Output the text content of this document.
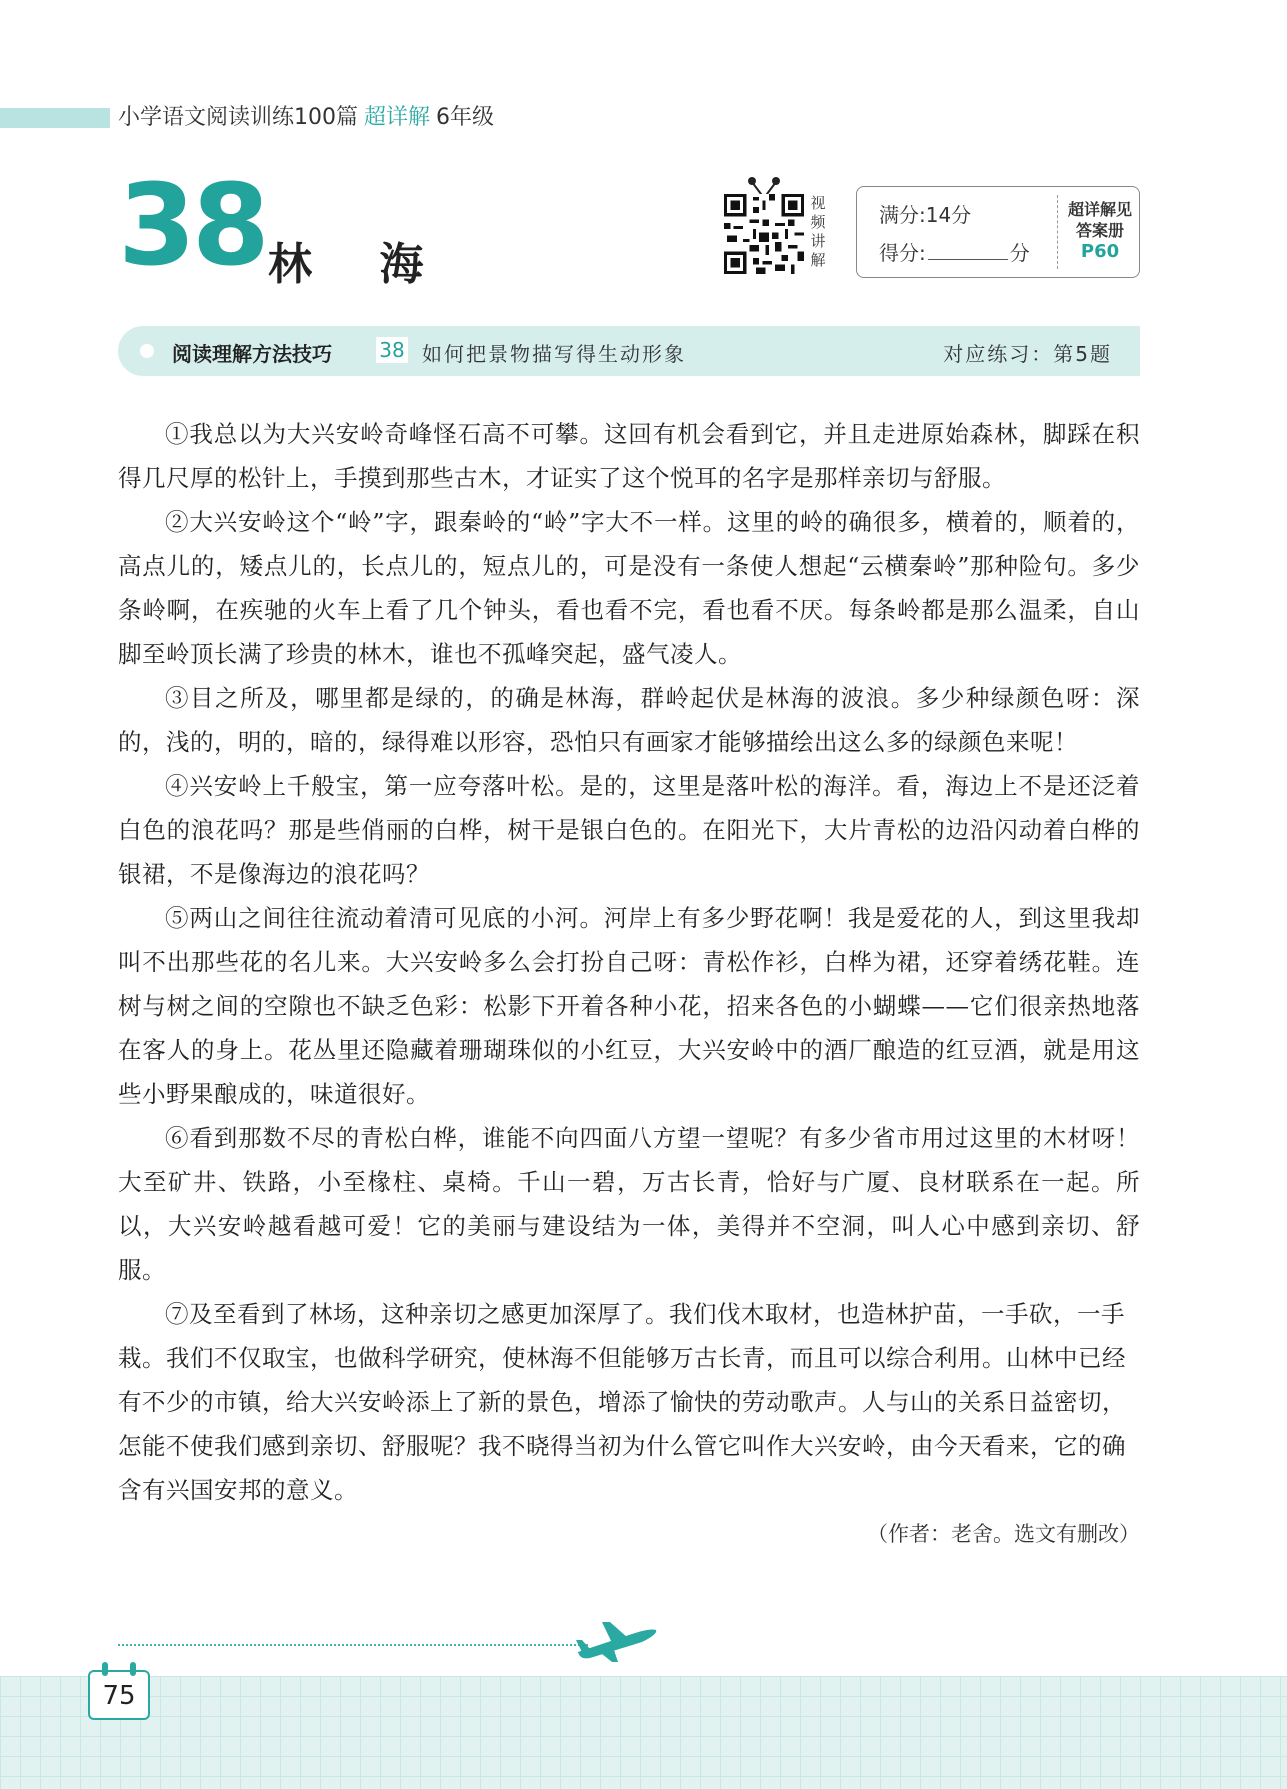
小学语文阅读训练100篇 超详解 6年级
38 林 海
视
频
讲
解
满分:14分
得分:	分
超详解见
答案册
P60
阅读理解方法技巧 38 如何把景物描写得生动形象	对应练习：第5题

①我总以为大兴安岭奇峰怪石高不可攀。这回有机会看到它，并且走进原始森林，脚踩在积得几尺厚的松针上，手摸到那些古木，才证实了这个悦耳的名字是那样亲切与舒服。

②大兴安岭这个“岭”字，跟秦岭的“岭”字大不一样。这里的岭的确很多，横着的，顺着的，高点儿的，矮点儿的，长点儿的，短点儿的，可是没有一条使人想起“云横秦岭”那种险句。多少条岭啊，在疾驰的火车上看了几个钟头，看也看不完，看也看不厌。每条岭都是那么温柔，自山脚至岭顶长满了珍贵的林木，谁也不孤峰突起，盛气凌人。

③目之所及，哪里都是绿的，的确是林海，群岭起伏是林海的波浪。多少种绿颜色呀：深的，浅的，明的，暗的，绿得难以形容，恐怕只有画家才能够描绘出这么多的绿颜色来呢！

④兴安岭上千般宝，第一应夸落叶松。是的，这里是落叶松的海洋。看，海边上不是还泛着白色的浪花吗？那是些俏丽的白桦，树干是银白色的。在阳光下，大片青松的边沿闪动着白桦的银裙，不是像海边的浪花吗？

⑤两山之间往往流动着清可见底的小河。河岸上有多少野花啊！我是爱花的人，到这里我却叫不出那些花的名儿来。大兴安岭多么会打扮自己呀：青松作衫，白桦为裙，还穿着绣花鞋。连树与树之间的空隙也不缺乏色彩：松影下开着各种小花，招来各色的小蝴蝶——它们很亲热地落在客人的身上。花丛里还隐藏着珊瑚珠似的小红豆，大兴安岭中的酒厂酿造的红豆酒，就是用这些小野果酿成的，味道很好。

⑥看到那数不尽的青松白桦，谁能不向四面八方望一望呢？有多少省市用过这里的木材呀！大至矿井、铁路，小至椽柱、桌椅。千山一碧，万古长青，恰好与广厦、良材联系在一起。所以，大兴安岭越看越可爱！它的美丽与建设结为一体，美得并不空洞，叫人心中感到亲切、舒服。

⑦及至看到了林场，这种亲切之感更加深厚了。我们伐木取材，也造林护苗，一手砍，一手栽。我们不仅取宝，也做科学研究，使林海不但能够万古长青，而且可以综合利用。山林中已经有不少的市镇，给大兴安岭添上了新的景色，增添了愉快的劳动歌声。人与山的关系日益密切，怎能不使我们感到亲切、舒服呢？我不晓得当初为什么管它叫作大兴安岭，由今天看来，它的确含有兴国安邦的意义。

（作者：老舍。选文有删改）
75
